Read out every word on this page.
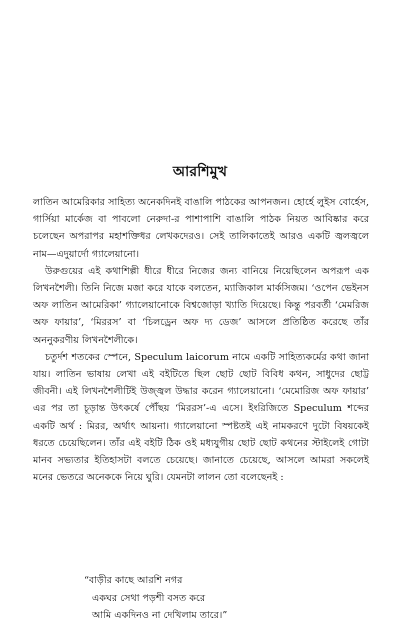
আরশিমুখ

লাতিন আমেরিকার সাহিত্য অনেকদিনই বাঙালি পাঠকের আপনজন। হোর্হে লুইস বোর্হেস, গার্সিয়া মার্কেজ বা পাবলো নেরুদা-র পাশাপাশি বাঙালি পাঠক নিয়ত আবিষ্কার করে চলেছেন অপরাপর মহাশক্তিধর লেখকদেরও। সেই তালিকাতেই আরও একটি জ্বলজ্বলে নাম—এদুয়ার্দো গ্যালেয়ানো।

উরুগুয়ের এই কথাশিল্পী ধীরে ধীরে নিজের জন্য বানিয়ে নিয়েছিলেন অপরূপ এক লিখনশৈলী। তিনি নিজে মজা করে যাকে বলতেন, ম্যাজিকাল মার্কসিজম। ‘ওপেন ভেইনস অফ লাতিন আমেরিকা’ গ্যালেয়ানোকে বিশ্বজোড়া খ্যাতি দিয়েছে। কিন্তু পরবর্তী ‘মেমরিজ অফ ফায়ার’, ‘মিররস’ বা ‘চিলড্রেন অফ দ্য ডেজ’ আসলে প্রতিষ্ঠিত করেছে তাঁর অননুকরণীয় লিখনশৈলীকে।

চতুর্দশ শতকের স্পেনে, Speculum laicorum নামে একটি সাহিত্যকর্মের কথা জানা যায়। লাতিন ভাষায় লেখা এই বইটিতে ছিল ছোট ছোট বিবিধ কথন, সাধুদের ছোট্ট জীবনী। এই লিখনশৈলীটিই উজ্জ্বল উদ্ধার করেন গ্যালেয়ানো। ‘মেমোরিজ অফ ফায়ার’ এর পর তা চূড়ান্ত উৎকর্ষে পৌঁছয় ‘মিররস’-এ এসে। ইংরিজিতে Speculum শব্দের একটি অর্থ : মিরর, অর্থাৎ আয়না। গ্যালেয়ানো স্পষ্টতই এই নামকরণে দুটো বিষয়কেই ধরতে চেয়েছিলেন। তাঁর এই বইটি ঠিক ওই মধ্যযুগীয় ছোট ছোট কথনের স্টাইলেই গোটা মানব সভ্যতার ইতিহাসটা বলতে চেয়েছে। জানাতে চেয়েছে, আসলে আমরা সকলেই মনের ভেতরে অনেককে নিয়ে ঘুরি। যেমনটা লালন তো বলেছেনই :

“বাড়ীর কাছে আরশি নগর
একঘর সেথা পড়শী বসত করে
আমি একদিনও না দেখিলাম তারে।”
